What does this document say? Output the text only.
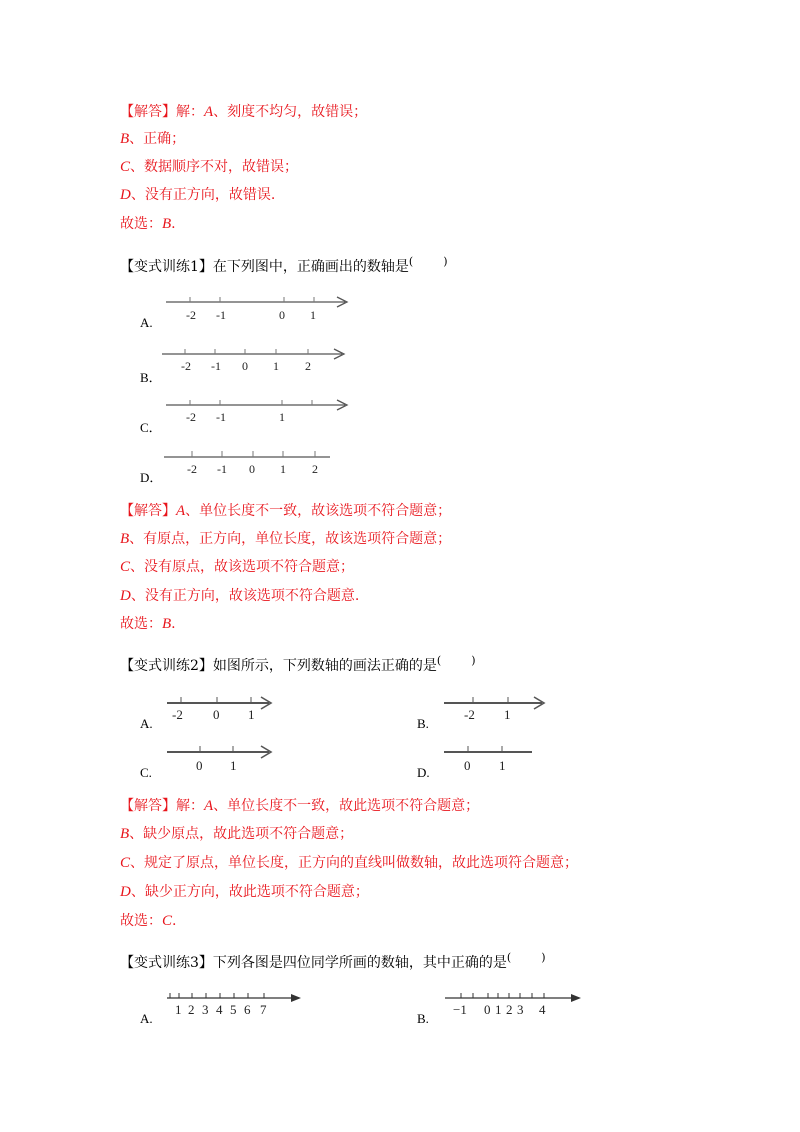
【解答】解：A、刻度不均匀，故错误；
B、正确；
C、数据顺序不对，故错误；
D、没有正方向，故错误.
故选：B.
【变式训练1】在下列图中，正确画出的数轴是(	)
A.	-2 -1	0 1
B．
-2 -1 0 1 2
C．
-2 -1	1
D．
-2 -1 0 1 2
【解答】A、单位长度不一致，故该选项不符合题意；
B、有原点，正方向，单位长度，故该选项符合题意；
C、没有原点，故该选项不符合题意；
D、没有正方向，故该选项不符合题意.
故选：B.
【变式训练2】如图所示，下列数轴的画法正确的是(	)
A.
-2 0 1
B.
-2 1
C.	0 1	D.	0 1
【解答】解：A、单位长度不一致，故此选项不符合题意；
B、缺少原点，故此选项不符合题意；
C、规定了原点，单位长度，正方向的直线叫做数轴，故此选项符合题意；
D、缺少正方向，故此选项不符合题意；
故选：C.
【变式训练3】下列各图是四位同学所画的数轴，其中正确的是(	)
A.
1 2 3 4 5 6 7
B.
−1 0 1 2 3 4
